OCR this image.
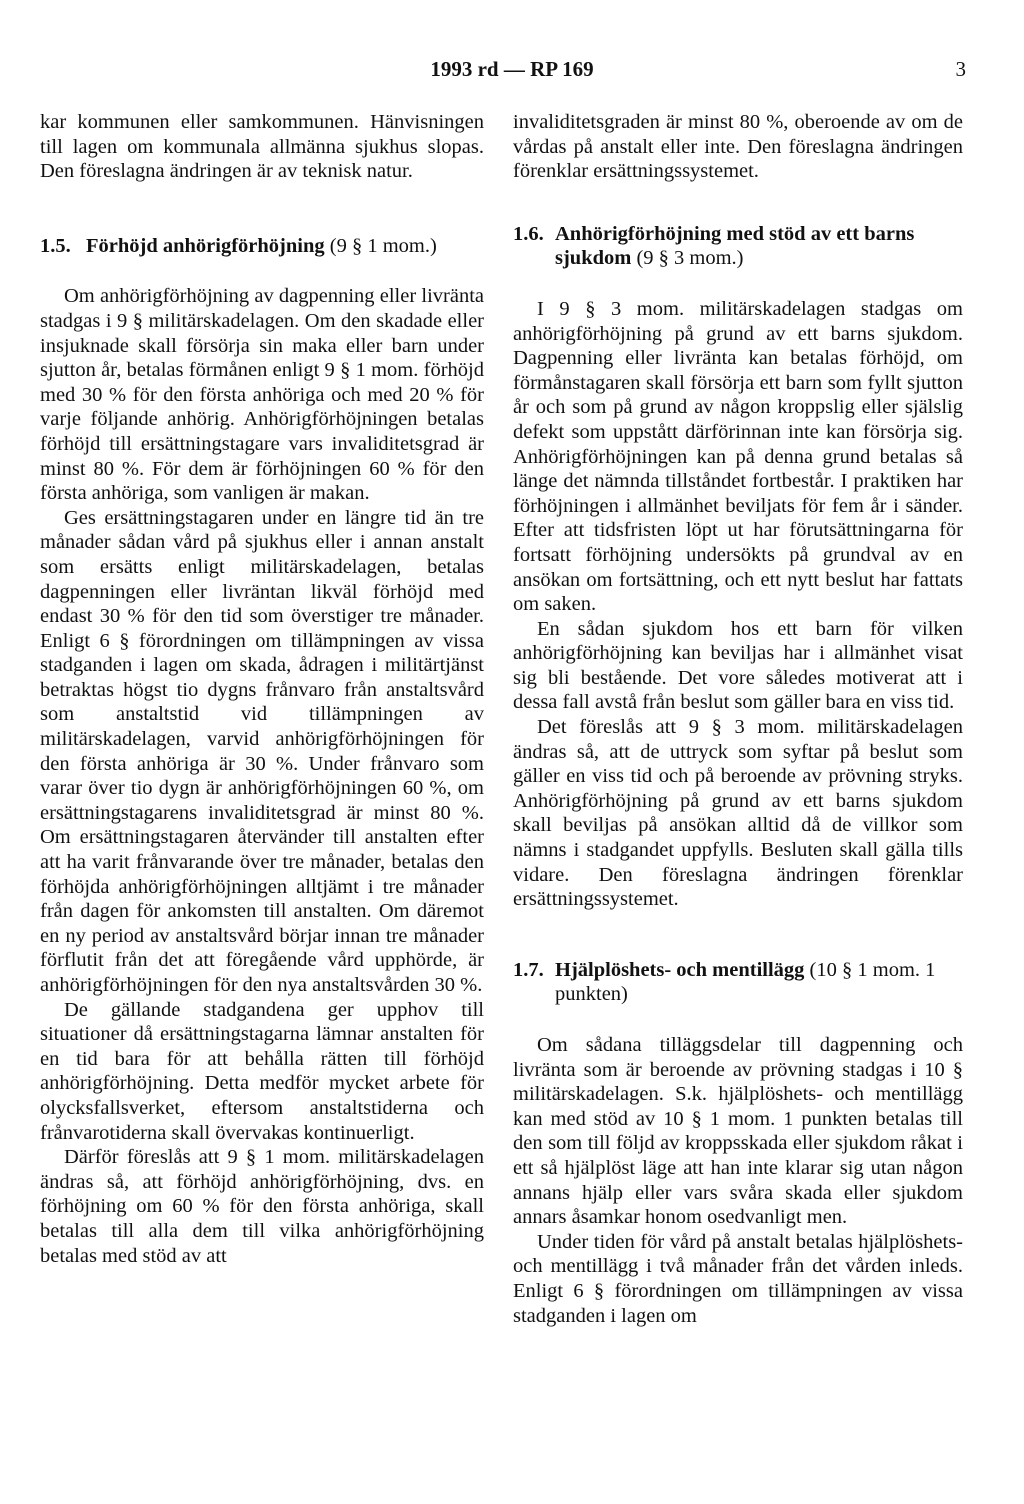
1993 rd — RP 169	3

kar kommunen eller samkommunen. Hänvisningen till lagen om kommunala allmänna sjukhus slopas. Den föreslagna ändringen är av teknisk natur.

1.5. Förhöjd anhörigförhöjning (9 § 1 mom.)

Om anhörigförhöjning av dagpenning eller livränta stadgas i 9 § militärskadelagen. Om den skadade eller insjuknade skall försörja sin maka eller barn under sjutton år, betalas förmånen enligt 9 § 1 mom. förhöjd med 30 % för den första anhöriga och med 20 % för varje följande anhörig. Anhörigförhöjningen betalas förhöjd till ersättningstagare vars invaliditetsgrad är minst 80 %. För dem är förhöjningen 60 % för den första anhöriga, som vanligen är makan.

Ges ersättningstagaren under en längre tid än tre månader sådan vård på sjukhus eller i annan anstalt som ersätts enligt militärskadelagen, betalas dagpenningen eller livräntan likväl förhöjd med endast 30 % för den tid som överstiger tre månader. Enligt 6 § förordningen om tillämpningen av vissa stadganden i lagen om skada, ådragen i militärtjänst betraktas högst tio dygns frånvaro från anstaltsvård som anstaltstid vid tillämpningen av militärskadelagen, varvid anhörigförhöjningen för den första anhöriga är 30 %. Under frånvaro som varar över tio dygn är anhörigförhöjningen 60 %, om ersättningstagarens invaliditetsgrad är minst 80 %. Om ersättningstagaren återvänder till anstalten efter att ha varit frånvarande över tre månader, betalas den förhöjda anhörigförhöjningen alltjämt i tre månader från dagen för ankomsten till anstalten. Om däremot en ny period av anstaltsvård börjar innan tre månader förflutit från det att föregående vård upphörde, är anhörigförhöjningen för den nya anstaltsvården 30 %.

De gällande stadgandena ger upphov till situationer då ersättningstagarna lämnar anstalten för en tid bara för att behålla rätten till förhöjd anhörigförhöjning. Detta medför mycket arbete för olycksfallsverket, eftersom anstaltstiderna och frånvarotiderna skall övervakas kontinuerligt.

Därför föreslås att 9 § 1 mom. militärskadelagen ändras så, att förhöjd anhörigförhöjning, dvs. en förhöjning om 60 % för den första anhöriga, skall betalas till alla dem till vilka anhörigförhöjning betalas med stöd av att

invaliditetsgraden är minst 80 %, oberoende av om de vårdas på anstalt eller inte. Den föreslagna ändringen förenklar ersättningssystemet.

1.6. Anhörigförhöjning med stöd av ett barns sjukdom (9 § 3 mom.)

I 9 § 3 mom. militärskadelagen stadgas om anhörigförhöjning på grund av ett barns sjukdom. Dagpenning eller livränta kan betalas förhöjd, om förmånstagaren skall försörja ett barn som fyllt sjutton år och som på grund av någon kroppslig eller själslig defekt som uppstått därförinnan inte kan försörja sig. Anhörigförhöjningen kan på denna grund betalas så länge det nämnda tillståndet fortbestår. I praktiken har förhöjningen i allmänhet beviljats för fem år i sänder. Efter att tidsfristen löpt ut har förutsättningarna för fortsatt förhöjning undersökts på grundval av en ansökan om fortsättning, och ett nytt beslut har fattats om saken.

En sådan sjukdom hos ett barn för vilken anhörigförhöjning kan beviljas har i allmänhet visat sig bli bestående. Det vore således motiverat att i dessa fall avstå från beslut som gäller bara en viss tid.

Det föreslås att 9 § 3 mom. militärskadelagen ändras så, att de uttryck som syftar på beslut som gäller en viss tid och på beroende av prövning stryks. Anhörigförhöjning på grund av ett barns sjukdom skall beviljas på ansökan alltid då de villkor som nämns i stadgandet uppfylls. Besluten skall gälla tills vidare. Den föreslagna ändringen förenklar ersättningssystemet.

1.7. Hjälplöshets- och mentillägg (10 § 1 mom. 1 punkten)

Om sådana tilläggsdelar till dagpenning och livränta som är beroende av prövning stadgas i 10 § militärskadelagen. S.k. hjälplöshets- och mentillägg kan med stöd av 10 § 1 mom. 1 punkten betalas till den som till följd av kroppsskada eller sjukdom råkat i ett så hjälplöst läge att han inte klarar sig utan någon annans hjälp eller vars svåra skada eller sjukdom annars åsamkar honom osedvanligt men.

Under tiden för vård på anstalt betalas hjälplöshets- och mentillägg i två månader från det vården inleds. Enligt 6 § förordningen om tillämpningen av vissa stadganden i lagen om
